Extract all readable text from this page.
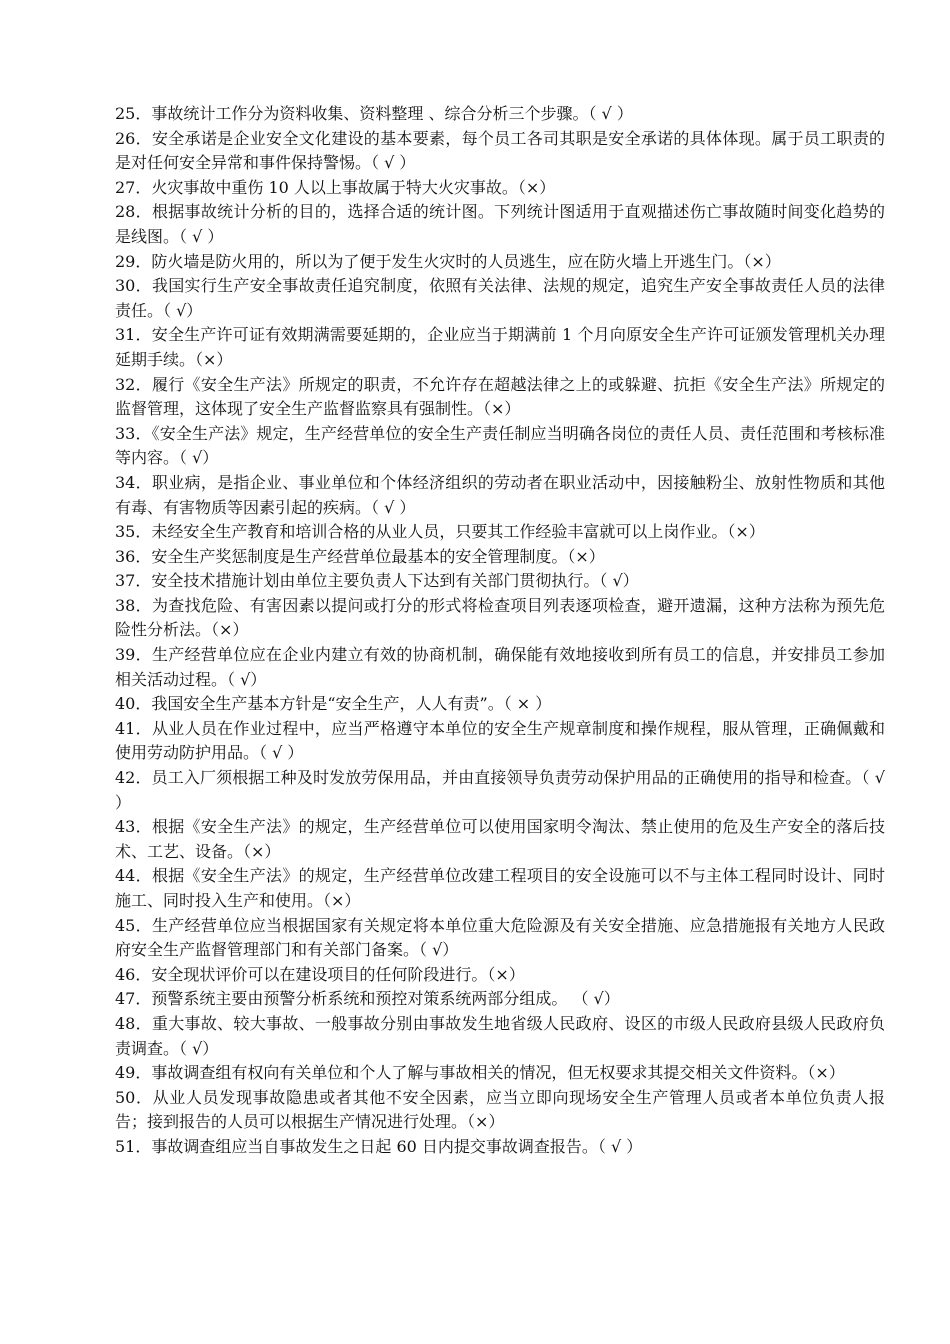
25．事故统计工作分为资料收集、资料整理 、综合分析三个步骤。（ √ ）

26．安全承诺是企业安全文化建设的基本要素，每个员工各司其职是安全承诺的具体体现。属于员工职责的是对任何安全异常和事件保持警惕。（ √ ）

27．火灾事故中重伤 10 人以上事故属于特大火灾事故。（×）

28．根据事故统计分析的目的，选择合适的统计图。下列统计图适用于直观描述伤亡事故随时间变化趋势的是线图。（ √ ）

29．防火墙是防火用的，所以为了便于发生火灾时的人员逃生，应在防火墙上开逃生门。（×）

30．我国实行生产安全事故责任追究制度，依照有关法律、法规的规定，追究生产安全事故责任人员的法律责任。（ √）

31．安全生产许可证有效期满需要延期的，企业应当于期满前 1 个月向原安全生产许可证颁发管理机关办理延期手续。（×）

32．履行《安全生产法》所规定的职责，不允许存在超越法律之上的或躲避、抗拒《安全生产法》所规定的监督管理，这体现了安全生产监督监察具有强制性。（×）

33．《安全生产法》规定，生产经营单位的安全生产责任制应当明确各岗位的责任人员、责任范围和考核标准等内容。（ √）

34．职业病，是指企业、事业单位和个体经济组织的劳动者在职业活动中，因接触粉尘、放射性物质和其他有毒、有害物质等因素引起的疾病。（ √ ）

35．未经安全生产教育和培训合格的从业人员，只要其工作经验丰富就可以上岗作业。（×）

36．安全生产奖惩制度是生产经营单位最基本的安全管理制度。（×）

37．安全技术措施计划由单位主要负责人下达到有关部门贯彻执行。（ √）

38．为查找危险、有害因素以提问或打分的形式将检查项目列表逐项检查，避开遗漏，这种方法称为预先危险性分析法。（×）

39．生产经营单位应在企业内建立有效的协商机制，确保能有效地接收到所有员工的信息，并安排员工参加相关活动过程。（ √）

40．我国安全生产基本方针是“安全生产，人人有责”。（ × ）

41．从业人员在作业过程中，应当严格遵守本单位的安全生产规章制度和操作规程，服从管理，正确佩戴和使用劳动防护用品。（ √ ）

42．员工入厂须根据工种及时发放劳保用品，并由直接领导负责劳动保护用品的正确使用的指导和检查。（ √ ）

43．根据《安全生产法》的规定，生产经营单位可以使用国家明令淘汰、禁止使用的危及生产安全的落后技术、工艺、设备。（×）

44．根据《安全生产法》的规定，生产经营单位改建工程项目的安全设施可以不与主体工程同时设计、同时施工、同时投入生产和使用。（×）

45．生产经营单位应当根据国家有关规定将本单位重大危险源及有关安全措施、应急措施报有关地方人民政府安全生产监督管理部门和有关部门备案。（ √）

46．安全现状评价可以在建设项目的任何阶段进行。（×）

47．预警系统主要由预警分析系统和预控对策系统两部分组成。 （ √）

48．重大事故、较大事故、一般事故分别由事故发生地省级人民政府、设区的市级人民政府县级人民政府负责调查。（ √）

49．事故调查组有权向有关单位和个人了解与事故相关的情况，但无权要求其提交相关文件资料。（×）

50．从业人员发现事故隐患或者其他不安全因素，应当立即向现场安全生产管理人员或者本单位负责人报告；接到报告的人员可以根据生产情况进行处理。（×）

51．事故调查组应当自事故发生之日起 60 日内提交事故调查报告。（ √ ）
